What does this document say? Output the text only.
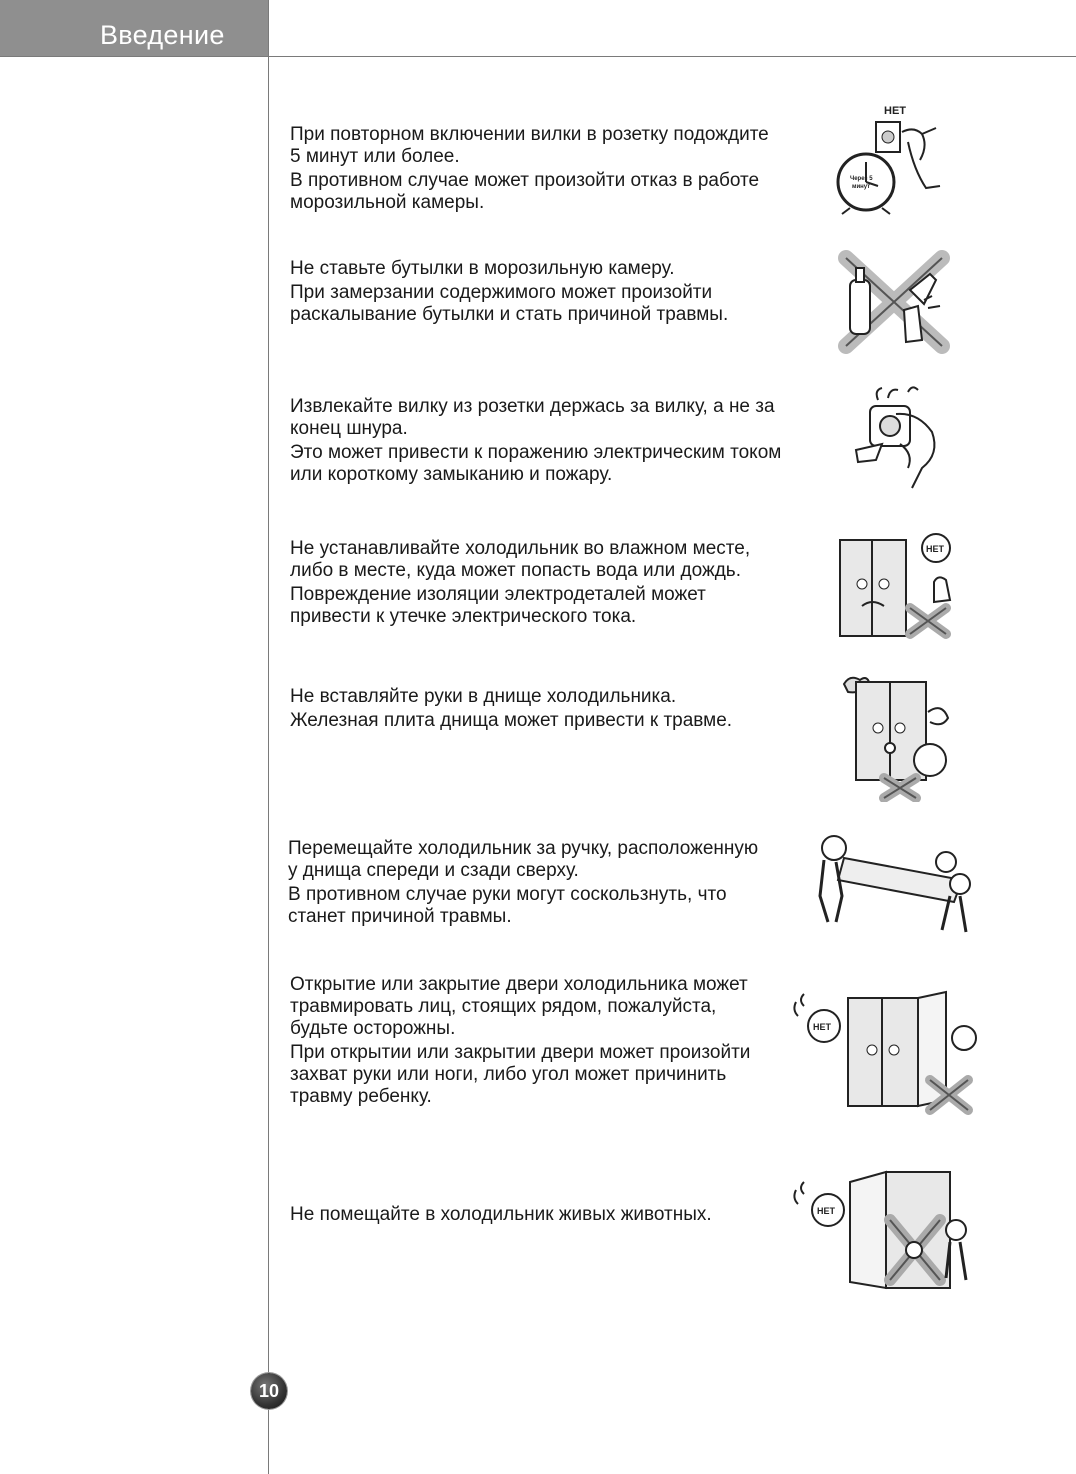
Введение

При повторном включении вилки в розетку подождите
5 минут или более.

В противном случае может произойти отказ в работе
морозильной камеры.

НЕТ
Через 5
минут

Не ставьте бутылки в морозильную камеру.

При замерзании содержимого может произойти
раскалывание бутылки и стать причиной травмы.

Извлекайте вилку из розетки держась за вилку, а не за
конец шнура.

Это может привести к поражению электрическим током
или короткому замыканию и пожару.

Не устанавливайте холодильник во влажном месте,
либо в месте, куда может попасть вода или дождь.

Повреждение изоляции электродеталей может
привести к утечке электрического тока.

НЕТ

Не вставляйте руки в днище холодильника.

Железная плита днища может привести к травме.

Перемещайте холодильник за ручку, расположенную
у днища спереди и сзади сверху.

В противном случае руки могут соскользнуть, что
станет причиной травмы.

Открытие или закрытие двери холодильника может
травмировать лиц, стоящих рядом, пожалуйста,
будьте осторожны.

При открытии или закрытии двери может произойти
захват руки или ноги, либо угол может причинить
травму ребенку.

НЕТ

Не помещайте в холодильник живых животных.	НЕТ
10
